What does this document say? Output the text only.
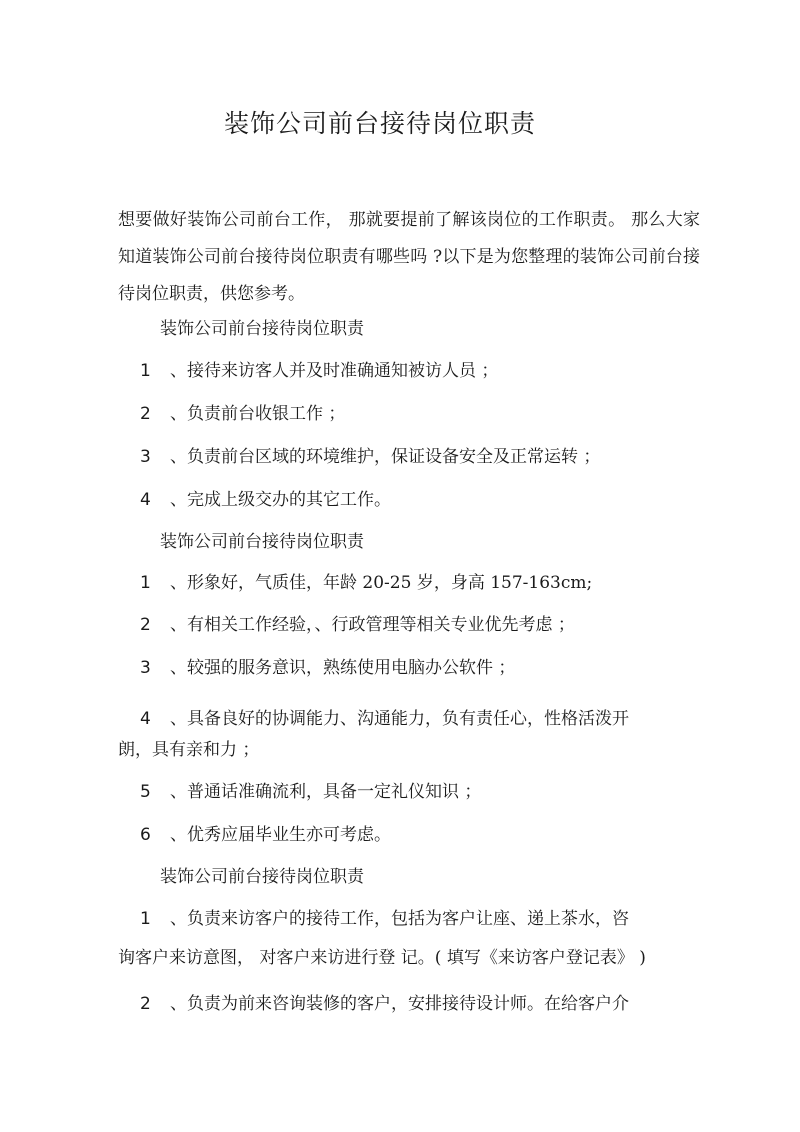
装饰公司前台接待岗位职责
想要做好装饰公司前台工作， 那就要提前了解该岗位的工作职责。 那么大家知道装饰公司前台接待岗位职责有哪些吗 ?以下是为您整理的装饰公司前台接待岗位职责，供您参考。
装饰公司前台接待岗位职责
1 、接待来访客人并及时准确通知被访人员 ；
2 、负责前台收银工作 ；
3 、负责前台区域的环境维护，保证设备安全及正常运转 ；
4 、完成上级交办的其它工作。
装饰公司前台接待岗位职责
1 、形象好，气质佳，年龄 20-25 岁，身高 157-163cm;
2 、有相关工作经验，、行政管理等相关专业优先考虑 ；
3 、较强的服务意识，熟练使用电脑办公软件 ；
4 、具备良好的协调能力、沟通能力，负有责任心，性格活泼开
朗，具有亲和力 ；
5 、普通话准确流利，具备一定礼仪知识 ；
6 、优秀应届毕业生亦可考虑。
装饰公司前台接待岗位职责
1 、负责来访客户的接待工作，包括为客户让座、递上茶水，咨
询客户来访意图， 对客户来访进行登 记。( 填写《来访客户登记表》 )
2 、负责为前来咨询装修的客户，安排接待设计师。在给客户介
